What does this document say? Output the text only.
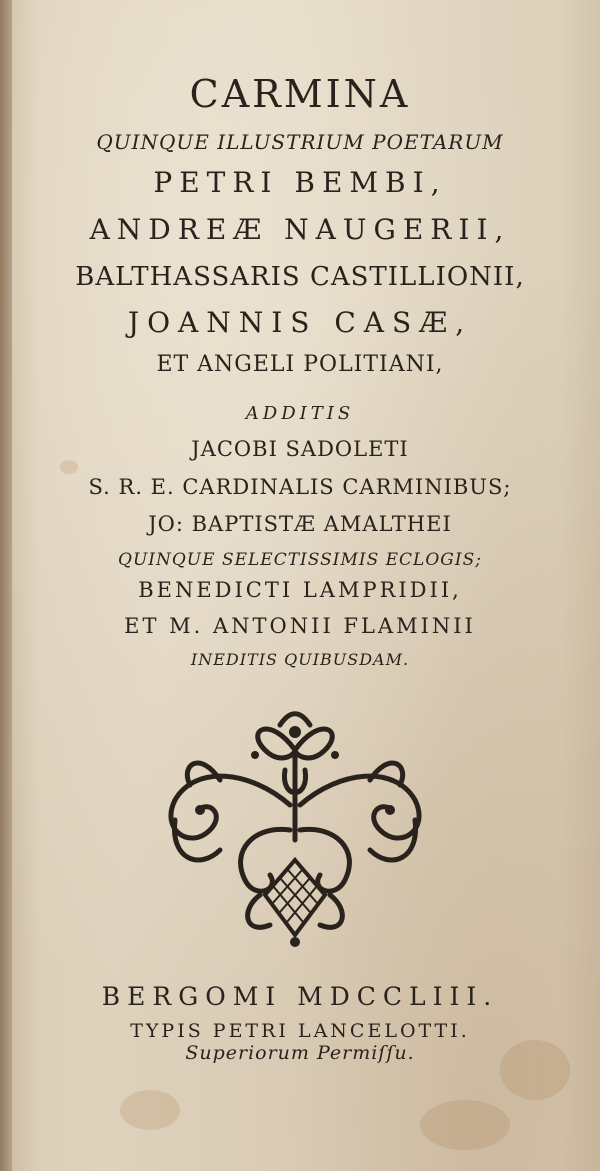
CARMINA
QUINQUE ILLUSTRIUM POETARUM
PETRI BEMBI,
ANDREÆ NAUGERII,
BALTHASSARIS CASTILLIONII,
JOANNIS CASÆ,
ET ANGELI POLITIANI,
ADDITIS
JACOBI SADOLETI
S. R. E. CARDINALIS CARMINIBUS;
JO: BAPTISTÆ AMALTHEI
QUINQUE SELECTISSIMIS ECLOGIS;
BENEDICTI LAMPRIDII,
ET M. ANTONII FLAMINII
INEDITIS QUIBUSDAM.
BERGOMI MDCCLIII.
TYPIS PETRI LANCELOTTI.
Superiorum Permiſſu.
